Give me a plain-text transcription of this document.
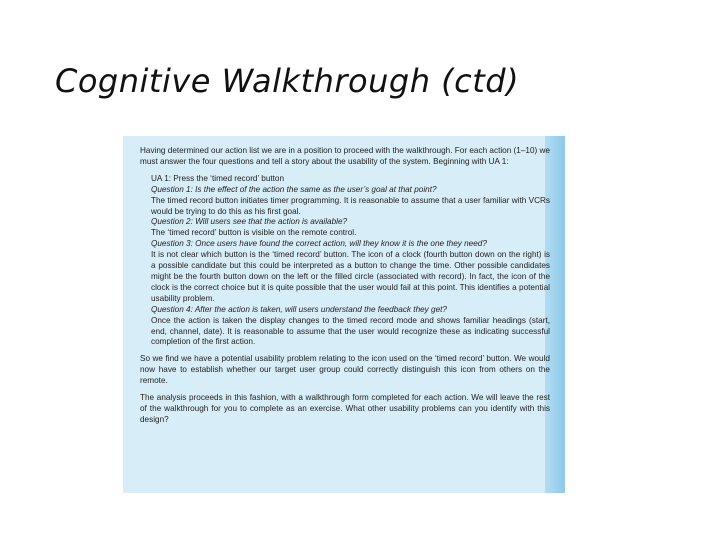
Cognitive Walkthrough (ctd)

Having determined our action list we are in a position to proceed with the walkthrough. For each action (1–10) we must answer the four questions and tell a story about the usability of the system. Beginning with UA 1:

UA 1: Press the ‘timed record’ button

Question 1: Is the effect of the action the same as the user’s goal at that point?

The timed record button initiates timer programming. It is reasonable to assume that a user familiar with VCRs would be trying to do this as his first goal.

Question 2: Will users see that the action is available?

The ‘timed record’ button is visible on the remote control.

Question 3: Once users have found the correct action, will they know it is the one they need?

It is not clear which button is the ‘timed record’ button. The icon of a clock (fourth button down on the right) is a possible candidate but this could be interpreted as a button to change the time. Other possible candidates might be the fourth button down on the left or the filled circle (associated with record). In fact, the icon of the clock is the correct choice but it is quite possible that the user would fail at this point. This identifies a potential usability problem.

Question 4: After the action is taken, will users understand the feedback they get?

Once the action is taken the display changes to the timed record mode and shows familiar headings (start, end, channel, date). It is reasonable to assume that the user would recognize these as indicating successful completion of the first action.

So we find we have a potential usability problem relating to the icon used on the ‘timed record’ button. We would now have to establish whether our target user group could correctly distinguish this icon from others on the remote.

The analysis proceeds in this fashion, with a walkthrough form completed for each action. We will leave the rest of the walkthrough for you to complete as an exercise. What other usability problems can you identify with this design?
